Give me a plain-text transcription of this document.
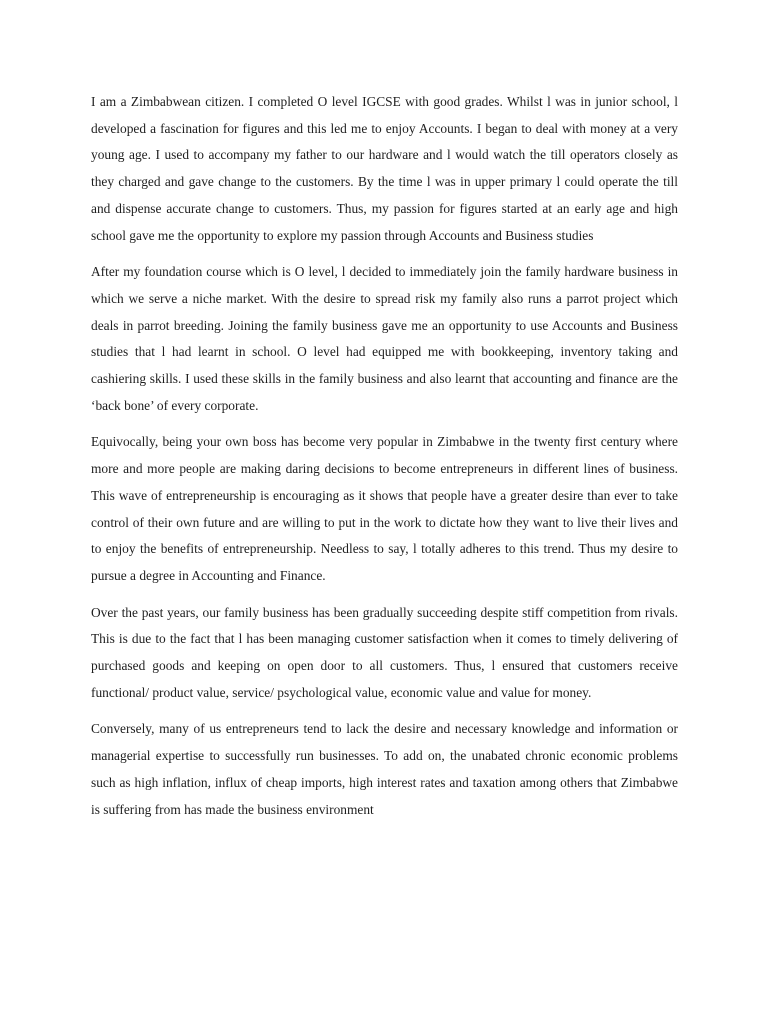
I am a Zimbabwean citizen. I completed O level IGCSE with good grades. Whilst l was in junior school, l developed a fascination for figures and this led me to enjoy Accounts. I began to deal with money at a very young age. I used to accompany my father to our hardware and l would watch the till operators closely as they charged and gave change to the customers. By the time l was in upper primary l could operate the till and dispense accurate change to customers. Thus, my passion for figures started at an early age and high school gave me the opportunity to explore my passion through Accounts and Business studies

After my foundation course which is O level, l decided to immediately join the family hardware business in which we serve a niche market. With the desire to spread risk my family also runs a parrot project which deals in parrot breeding. Joining the family business gave me an opportunity to use Accounts and Business studies that l had learnt in school. O level had equipped me with bookkeeping, inventory taking and cashiering skills. I used these skills in the family business and also learnt that accounting and finance are the ‘back bone’ of every corporate.

Equivocally, being your own boss has become very popular in Zimbabwe in the twenty first century where more and more people are making daring decisions to become entrepreneurs in different lines of business. This wave of entrepreneurship is encouraging as it shows that people have a greater desire than ever to take control of their own future and are willing to put in the work to dictate how they want to live their lives and to enjoy the benefits of entrepreneurship. Needless to say, l totally adheres to this trend. Thus my desire to pursue a degree in Accounting and Finance.

Over the past years, our family business has been gradually succeeding despite stiff competition from rivals. This is due to the fact that l has been managing customer satisfaction when it comes to timely delivering of purchased goods and keeping on open door to all customers. Thus, l ensured that customers receive functional/ product value, service/ psychological value, economic value and value for money.

Conversely, many of us entrepreneurs tend to lack the desire and necessary knowledge and information or managerial expertise to successfully run businesses. To add on, the unabated chronic economic problems such as high inflation, influx of cheap imports, high interest rates and taxation among others that Zimbabwe is suffering from has made the business environment
